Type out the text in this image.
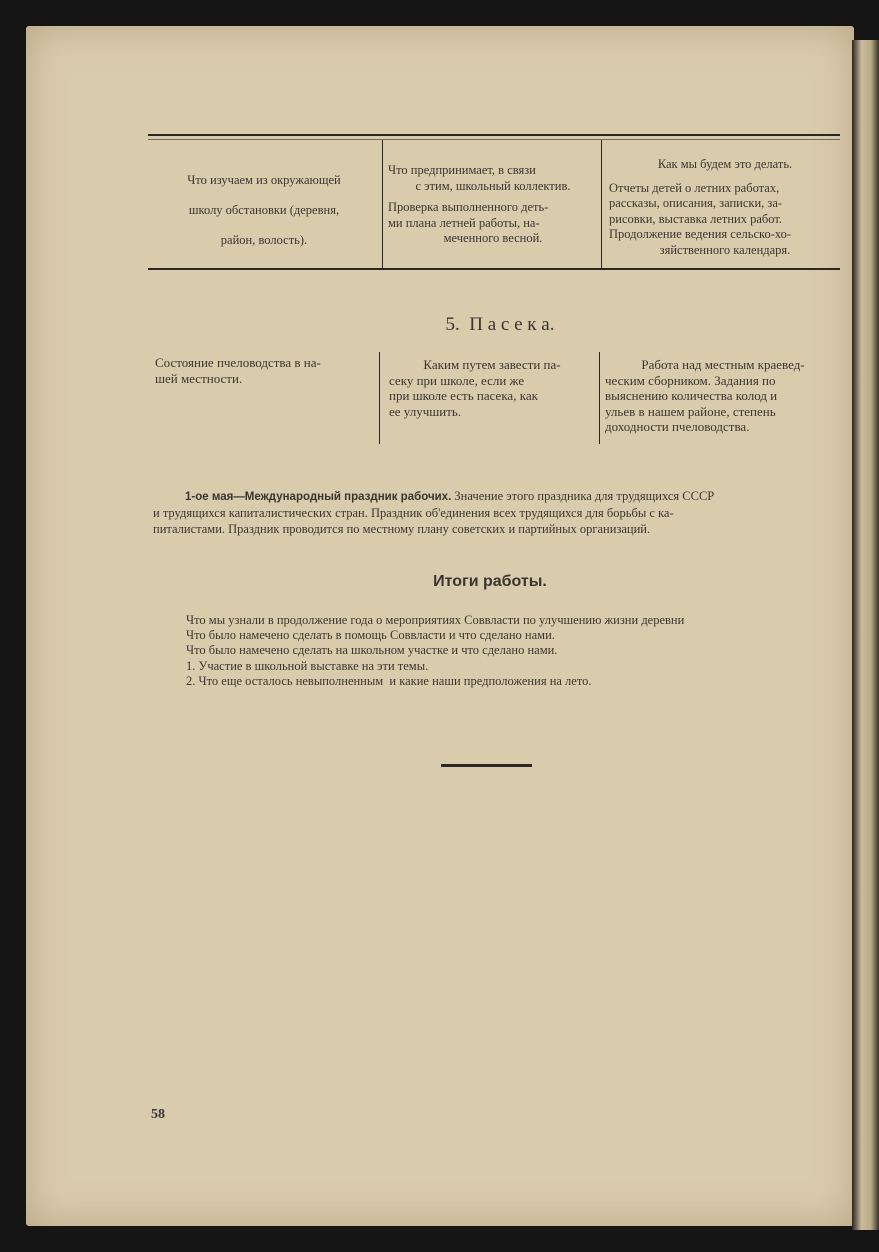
Что изучаем из окружающей
школу обстановки (деревня,
район, волость).
Что предпринимает, в связи
с этим, школьный коллектив.
Проверка выполненного деть-
ми плана летней работы, на-
меченного весной.
Как мы будем это делать.
Отчеты детей о летних работах,
рассказы, описания, записки, за-
рисовки, выставка летних работ.
Продолжение ведения сельско-хо-
зяйственного календаря.
5.  П а с е к а.
Состояние пчеловодства в на-
шей местности.
Каким путем завести па-
секу при школе, если же
при школе есть пасека, как
ее улучшить.
Работа над местным краевед-
ческим сборником. Задания по
выяснению количества колод и
ульев в нашем районе, степень
доходности пчеловодства.
1-ое мая—Международный праздник рабочих. Значение этого праздника для трудящихся СССР
и трудящихся капиталистических стран. Праздник об'единения всех трудящихся для борьбы с ка-
питалистами. Праздник проводится по местному плану советских и партийных организаций.
Итоги работы.
Что мы узнали в продолжение года о мероприятиях Соввласти по улучшению жизни деревни
Что было намечено сделать в помощь Соввласти и что сделано нами.
Что было намечено сделать на школьном участке и что сделано нами.
1. Участие в школьной выставке на эти темы.
2. Что еще осталось невыполненным  и какие наши предположения на лето.
58
